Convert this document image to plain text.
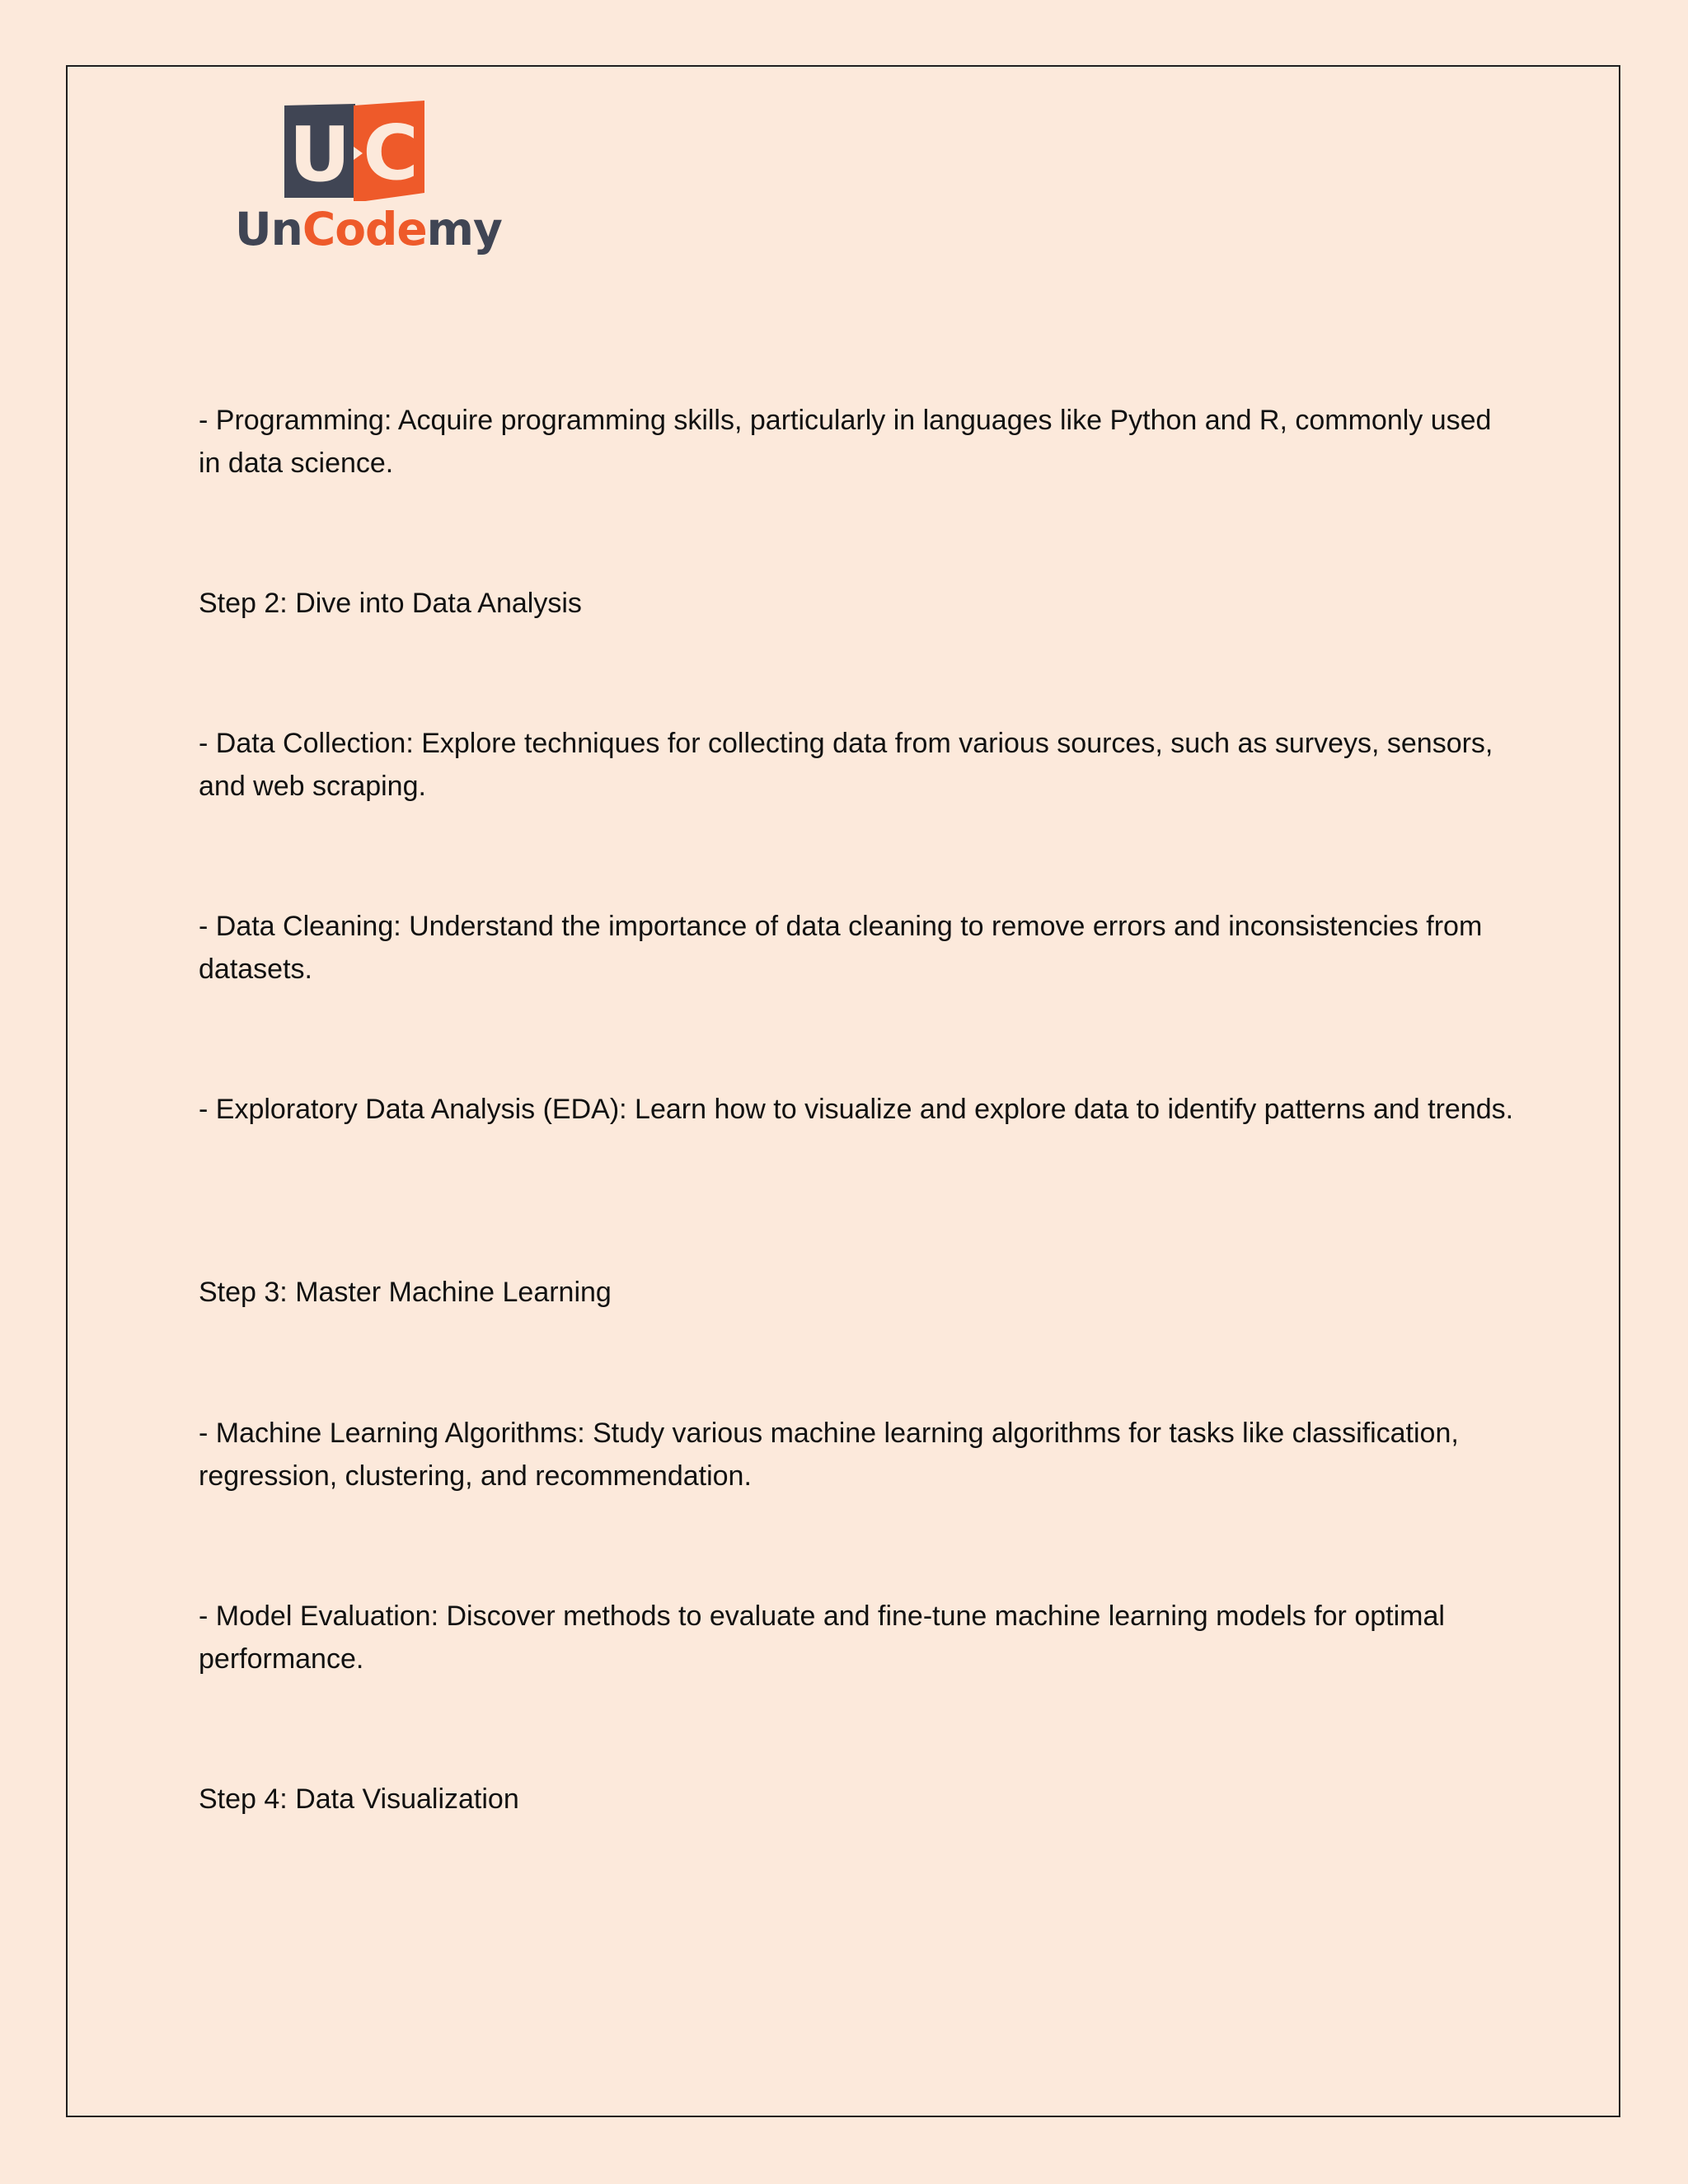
U C
UnCodemy

- Programming: Acquire programming skills, particularly in languages like Python and R, commonly used in data science.

Step 2: Dive into Data Analysis

- Data Collection: Explore techniques for collecting data from various sources, such as surveys, sensors, and web scraping.

- Data Cleaning: Understand the importance of data cleaning to remove errors and inconsistencies from datasets.

- Exploratory Data Analysis (EDA): Learn how to visualize and explore data to identify patterns and trends.

Step 3: Master Machine Learning

- Machine Learning Algorithms: Study various machine learning algorithms for tasks like classification, regression, clustering, and recommendation.

- Model Evaluation: Discover methods to evaluate and fine-tune machine learning models for optimal performance.

Step 4: Data Visualization
